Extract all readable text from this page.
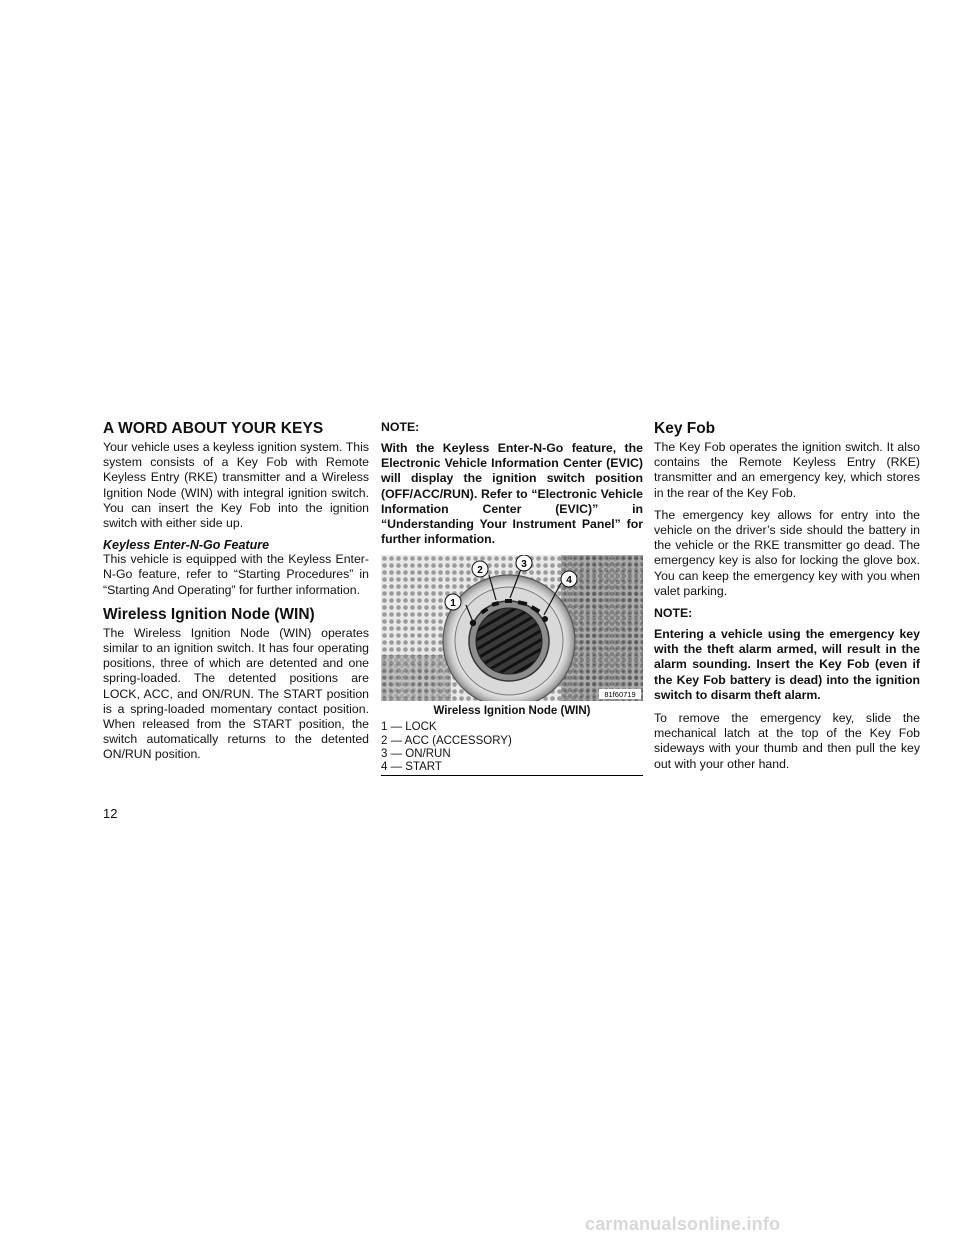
A WORD ABOUT YOUR KEYS

Your vehicle uses a keyless ignition system. This system consists of a Key Fob with Remote Keyless Entry (RKE) transmitter and a Wireless Ignition Node (WIN) with integral ignition switch. You can insert the Key Fob into the ignition switch with either side up.

Keyless Enter-N-Go Feature

This vehicle is equipped with the Keyless Enter-N-Go feature, refer to “Starting Procedures” in “Starting And Operating” for further information.

Wireless Ignition Node (WIN)

The Wireless Ignition Node (WIN) operates similar to an ignition switch. It has four operating positions, three of which are detented and one spring-loaded. The detented positions are LOCK, ACC, and ON/RUN. The START position is a spring-loaded momentary contact position. When released from the START position, the switch automatically returns to the detented ON/RUN position.

NOTE:

With the Keyless Enter-N-Go feature, the Electronic Vehicle Information Center (EVIC) will display the ignition switch position (OFF/ACC/RUN). Refer to “Electronic Vehicle Information Center (EVIC)” in “Understanding Your Instrument Panel” for further information.

1
2
3
4
81f60719
Wireless Ignition Node (WIN)
1 — LOCK
2 — ACC (ACCESSORY)
3 — ON/RUN
4 — START
Key Fob

The Key Fob operates the ignition switch. It also contains the Remote Keyless Entry (RKE) transmitter and an emergency key, which stores in the rear of the Key Fob.

The emergency key allows for entry into the vehicle on the driver’s side should the battery in the vehicle or the RKE transmitter go dead. The emergency key is also for locking the glove box. You can keep the emergency key with you when valet parking.

NOTE:

Entering a vehicle using the emergency key with the theft alarm armed, will result in the alarm sounding. Insert the Key Fob (even if the Key Fob battery is dead) into the ignition switch to disarm theft alarm.

To remove the emergency key, slide the mechanical latch at the top of the Key Fob sideways with your thumb and then pull the key out with your other hand.

12
carmanualsonline.info
